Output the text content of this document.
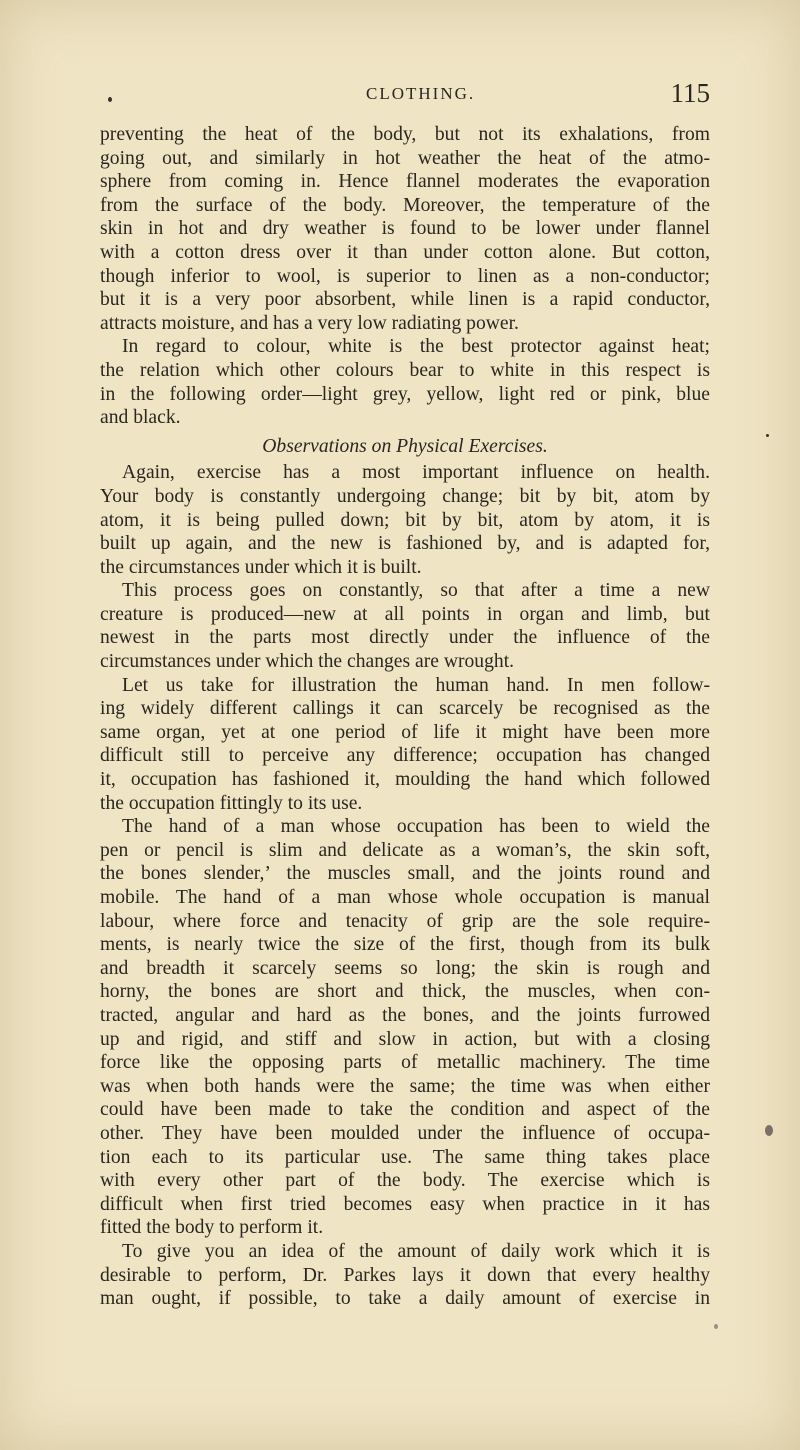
CLOTHING.	115
preventing the heat of the body, but not its exhalations, from
going out, and similarly in hot weather the heat of the atmo-
sphere from coming in. Hence flannel moderates the evaporation
from the surface of the body. Moreover, the temperature of the
skin in hot and dry weather is found to be lower under flannel
with a cotton dress over it than under cotton alone. But cotton,
though inferior to wool, is superior to linen as a non-conductor;
but it is a very poor absorbent, while linen is a rapid conductor,
attracts moisture, and has a very low radiating power.
In regard to colour, white is the best protector against heat;
the relation which other colours bear to white in this respect is
in the following order—light grey, yellow, light red or pink, blue
and black.
Observations on Physical Exercises.
Again, exercise has a most important influence on health.
Your body is constantly undergoing change; bit by bit, atom by
atom, it is being pulled down; bit by bit, atom by atom, it is
built up again, and the new is fashioned by, and is adapted for,
the circumstances under which it is built.
This process goes on constantly, so that after a time a new
creature is produced—new at all points in organ and limb, but
newest in the parts most directly under the influence of the
circumstances under which the changes are wrought.
Let us take for illustration the human hand. In men follow-
ing widely different callings it can scarcely be recognised as the
same organ, yet at one period of life it might have been more
difficult still to perceive any difference; occupation has changed
it, occupation has fashioned it, moulding the hand which followed
the occupation fittingly to its use.
The hand of a man whose occupation has been to wield the
pen or pencil is slim and delicate as a woman’s, the skin soft,
the bones slender,’ the muscles small, and the joints round and
mobile. The hand of a man whose whole occupation is manual
labour, where force and tenacity of grip are the sole require-
ments, is nearly twice the size of the first, though from its bulk
and breadth it scarcely seems so long; the skin is rough and
horny, the bones are short and thick, the muscles, when con-
tracted, angular and hard as the bones, and the joints furrowed
up and rigid, and stiff and slow in action, but with a closing
force like the opposing parts of metallic machinery. The time
was when both hands were the same; the time was when either
could have been made to take the condition and aspect of the
other. They have been moulded under the influence of occupa-
tion each to its particular use. The same thing takes place
with every other part of the body. The exercise which is
difficult when first tried becomes easy when practice in it has
fitted the body to perform it.
To give you an idea of the amount of daily work which it is
desirable to perform, Dr. Parkes lays it down that every healthy
man ought, if possible, to take a daily amount of exercise in
